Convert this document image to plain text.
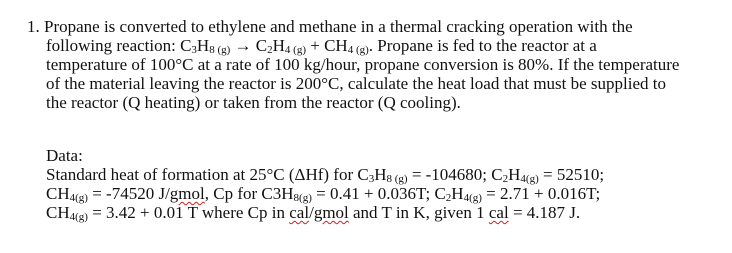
1. Propane is converted to ethylene and methane in a thermal cracking operation with the
following reaction: $C_3H_8$ $_{(g)} \to C_2H_4$ $_{(g)} + CH_4$ $_{(g)}$. Propane is fed to the reactor at a
temperature of 100°C at a rate of 100 kg/hour, propane conversion is 80%. If the temperature
of the material leaving the reactor is 200°C, calculate the heat load that must be supplied to
the reactor (Q heating) or taken from the reactor (Q cooling).
Data:
Standard heat of formation at 25°C (ΔHf) for $C_3H_8$ $_{(g)}$ = -104680; $C_2H_{4(g)} = 52510$;
$CH_{4(g)} = -74520$ J/gmol, Cp for $C3H_{8(g)} = 0.41 + 0.036T$; $C_2H_{4(g)} = 2.71 + 0.016T$;
$CH_{4(g)} = 3.42 + 0.01$ T where Cp in cal/gmol and T in K, given 1 cal = 4.187 J.
